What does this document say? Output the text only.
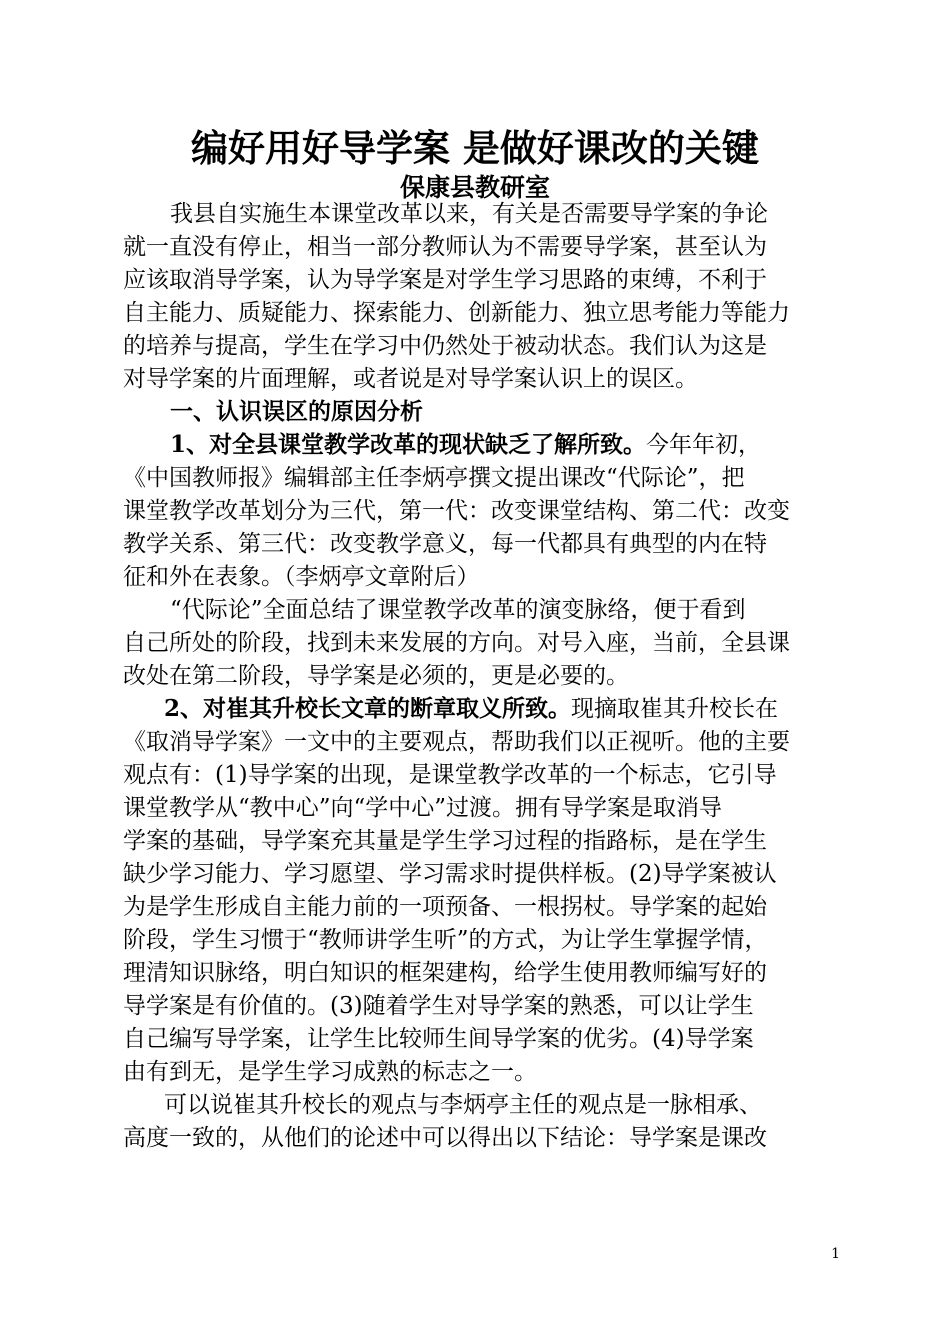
编好用好导学案 是做好课改的关键
保康县教研室
我县自实施生本课堂改革以来，有关是否需要导学案的争论
就一直没有停止，相当一部分教师认为不需要导学案，甚至认为
应该取消导学案，认为导学案是对学生学习思路的束缚，不利于
自主能力、质疑能力、探索能力、创新能力、独立思考能力等能力
的培养与提高，学生在学习中仍然处于被动状态。我们认为这是
对导学案的片面理解，或者说是对导学案认识上的误区。
一、认识误区的原因分析
1、对全县课堂教学改革的现状缺乏了解所致。今年年初，
《中国教师报》编辑部主任李炳亭撰文提出课改“代际论”，把
课堂教学改革划分为三代，第一代：改变课堂结构、第二代：改变
教学关系、第三代：改变教学意义，每一代都具有典型的内在特
征和外在表象。（李炳亭文章附后）
“代际论”全面总结了课堂教学改革的演变脉络，便于看到
自己所处的阶段，找到未来发展的方向。对号入座，当前，全县课
改处在第二阶段，导学案是必须的，更是必要的。
2、对崔其升校长文章的断章取义所致。现摘取崔其升校长在
《取消导学案》一文中的主要观点，帮助我们以正视听。他的主要
观点有：(1)导学案的出现，是课堂教学改革的一个标志，它引导
课堂教学从“教中心”向“学中心”过渡。拥有导学案是取消导
学案的基础，导学案充其量是学生学习过程的指路标，是在学生
缺少学习能力、学习愿望、学习需求时提供样板。(2)导学案被认
为是学生形成自主能力前的一项预备、一根拐杖。导学案的起始
阶段，学生习惯于“教师讲学生听”的方式，为让学生掌握学情，
理清知识脉络，明白知识的框架建构，给学生使用教师编写好的
导学案是有价值的。(3)随着学生对导学案的熟悉，可以让学生
自己编写导学案，让学生比较师生间导学案的优劣。(4)导学案
由有到无，是学生学习成熟的标志之一。
可以说崔其升校长的观点与李炳亭主任的观点是一脉相承、
高度一致的，从他们的论述中可以得出以下结论：导学案是课改
1
